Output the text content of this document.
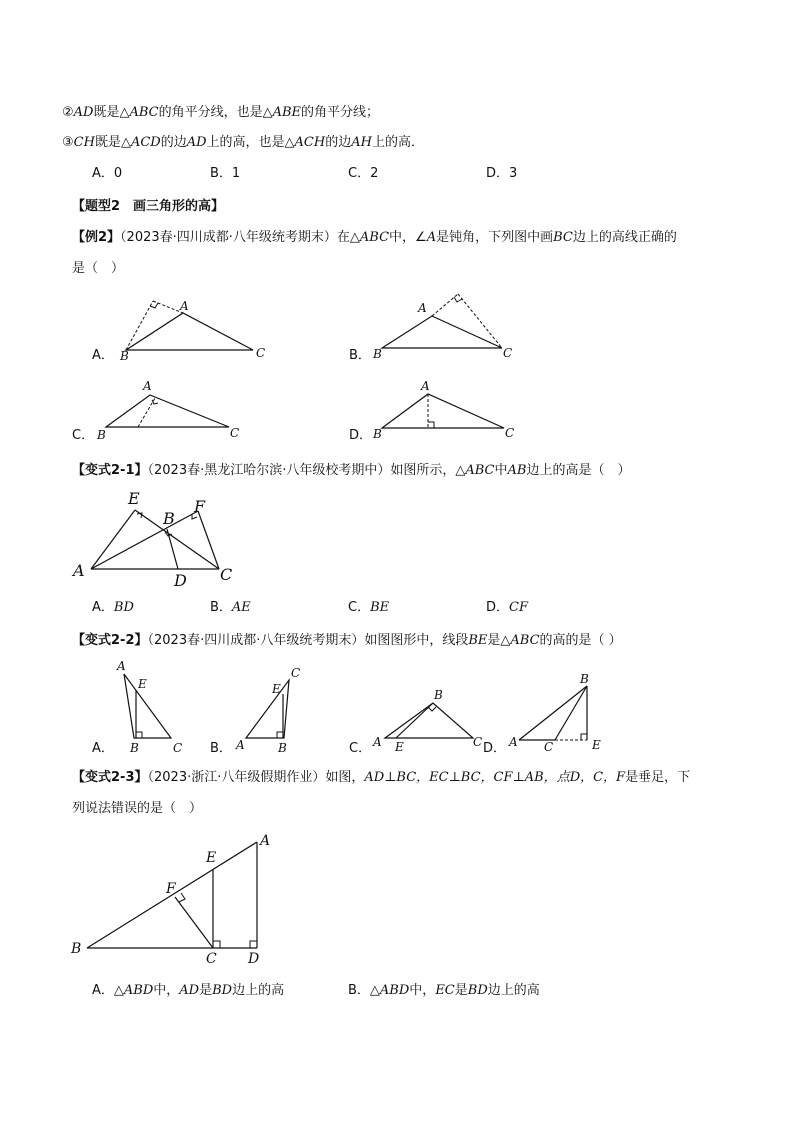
②AD既是△ABC的角平分线，也是△ABE的角平分线；
③CH既是△ACD的边AD上的高，也是△ACH的边AH上的高．
A．0	B．1	C．2	D．3
【题型2　画三角形的高】
【例2】（2023春·四川成都·八年级统考期末）在△ABC中，∠A是钝角，下列图中画BC边上的高线正确的
是（　）
A．
A
B	C	B．
A
B	C
C．
A
B	C	D．
A
B	C
【变式2-1】（2023春·黑龙江哈尔滨·八年级校考期中）如图所示，△ABC中AB边上的高是（　）
E
B
F
A
D C
A．BD	B．AE	C．BE	D．CF
【变式2-2】（2023春·四川成都·八年级统考期末）如图图形中，线段BE是△ABC的高的是（ ）
A．
A
E
B	C B．
C
E
A	B	C．
B
A E	C D．
B
A C	E
【变式2-3】（2023·浙江·八年级假期作业）如图，AD⊥BC，EC⊥BC，CF⊥AB，点D，C，F是垂足，下
列说法错误的是（　）
A
E
F
B
C D
A．△ABD中，AD是BD边上的高	B．△ABD中，EC是BD边上的高
